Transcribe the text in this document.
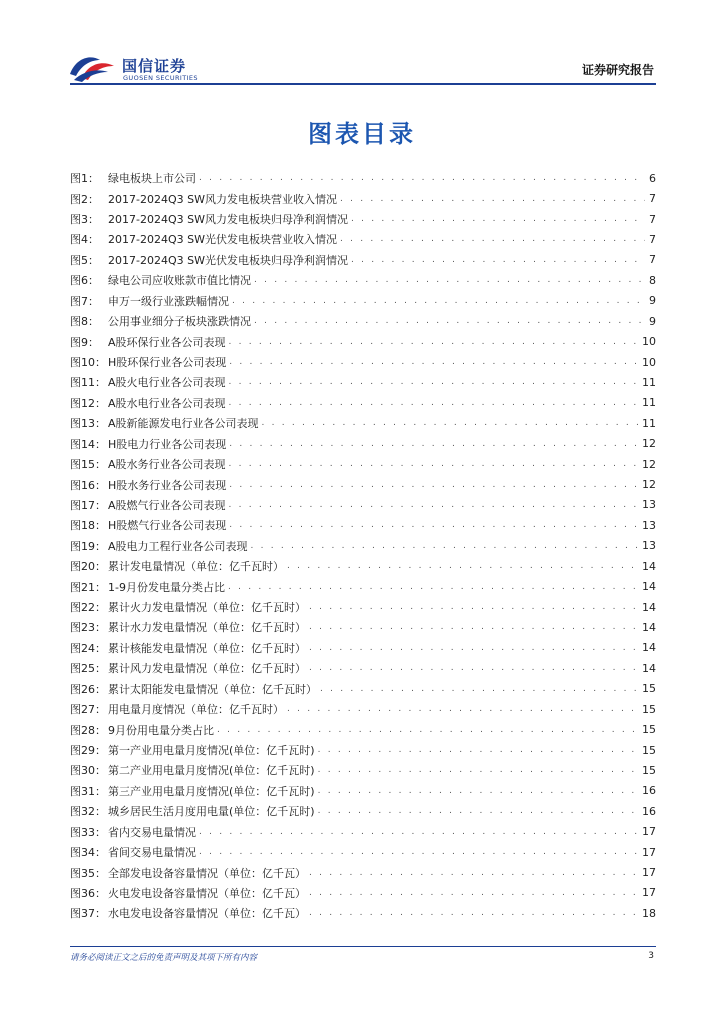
国信证券
GUOSEN SECURITIES
证券研究报告
图表目录
图1： 绿电板块上市公司 . . .	6
图2： 2017-2024Q3 SW风力发电板块营业收入情况 . . .	7
图3： 2017-2024Q3 SW风力发电板块归母净利润情况 . . .	7
图4： 2017-2024Q3 SW光伏发电板块营业收入情况 . . .	7
图5： 2017-2024Q3 SW光伏发电板块归母净利润情况 . . .	7
图6： 绿电公司应收账款市值比情况 . . .	8
图7： 申万一级行业涨跌幅情况 . . .	9
图8： 公用事业细分子板块涨跌情况 . . .	9
图9： A股环保行业各公司表现 . . .	10
图10： H股环保行业各公司表现 . . .	10
图11： A股火电行业各公司表现 . . .	11
图12： A股水电行业各公司表现 . . .	11
图13： A股新能源发电行业各公司表现 . . .	11
图14： H股电力行业各公司表现 . . .	12
图15： A股水务行业各公司表现 . . .	12
图16： H股水务行业各公司表现 . . .	12
图17： A股燃气行业各公司表现 . . .	13
图18： H股燃气行业各公司表现 . . .	13
图19： A股电力工程行业各公司表现 . . .	13
图20： 累计发电量情况（单位：亿千瓦时） . . .	14
图21： 1-9月份发电量分类占比 . . .	14
图22： 累计火力发电量情况（单位：亿千瓦时） . . .	14
图23： 累计水力发电量情况（单位：亿千瓦时） . . .	14
图24： 累计核能发电量情况（单位：亿千瓦时） . . .	14
图25： 累计风力发电量情况（单位：亿千瓦时） . . .	14
图26： 累计太阳能发电量情况（单位：亿千瓦时） . . .	15
图27： 用电量月度情况（单位：亿千瓦时） . . .	15
图28： 9月份用电量分类占比 . . .	15
图29： 第一产业用电量月度情况(单位：亿千瓦时) . . .	15
图30： 第二产业用电量月度情况(单位：亿千瓦时) . . .	15
图31： 第三产业用电量月度情况(单位：亿千瓦时) . . .	16
图32： 城乡居民生活月度用电量(单位：亿千瓦时) . . .	16
图33： 省内交易电量情况 . . .	17
图34： 省间交易电量情况 . . .	17
图35： 全部发电设备容量情况（单位：亿千瓦） . . .	17
图36： 火电发电设备容量情况（单位：亿千瓦） . . .	17
图37： 水电发电设备容量情况（单位：亿千瓦） . . .	18
请务必阅读正文之后的免责声明及其项下所有内容	3
